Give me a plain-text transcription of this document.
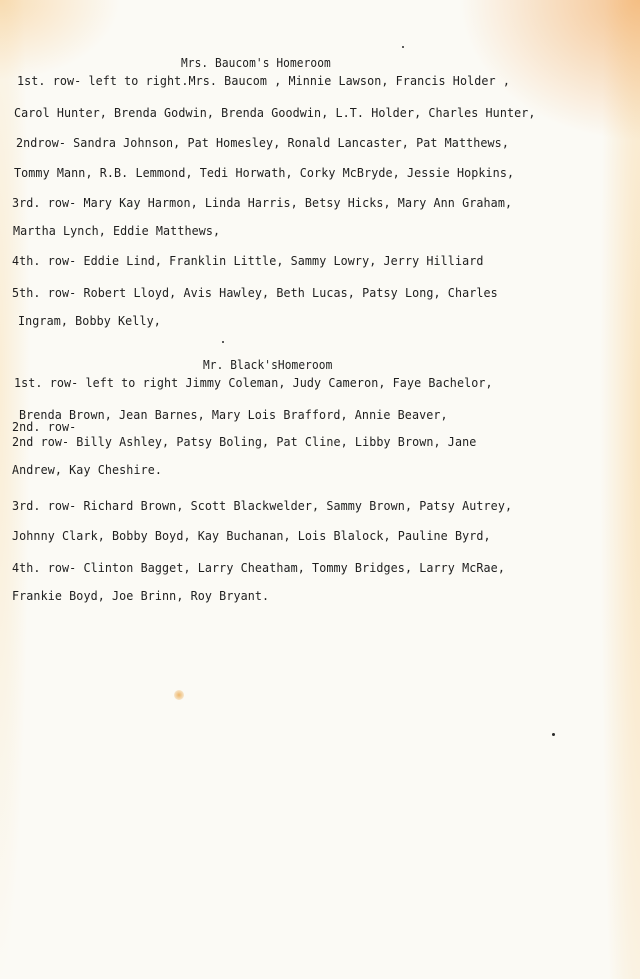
Mrs. Baucom's Homeroom

1st. row- left to right.Mrs. Baucom , Minnie Lawson, Francis Holder ,

Carol Hunter, Brenda Godwin, Brenda Goodwin, L.T. Holder, Charles Hunter,

2ndrow- Sandra Johnson, Pat Homesley, Ronald Lancaster, Pat Matthews,

Tommy Mann, R.B. Lemmond, Tedi Horwath, Corky McBryde, Jessie Hopkins,

3rd. row- Mary Kay Harmon, Linda Harris, Betsy Hicks, Mary Ann Graham,

Martha Lynch, Eddie Matthews,

4th. row- Eddie Lind, Franklin Little, Sammy Lowry, Jerry Hilliard

5th. row- Robert Lloyd, Avis Hawley, Beth Lucas, Patsy Long, Charles

Ingram, Bobby Kelly,

Mr. Black'sHomeroom

1st. row- left to right Jimmy Coleman, Judy Cameron, Faye Bachelor,

Brenda Brown, Jean Barnes, Mary Lois Brafford, Annie Beaver,

2nd. row-

2nd row- Billy Ashley, Patsy Boling, Pat Cline, Libby Brown, Jane

Andrew, Kay Cheshire.

3rd. row- Richard Brown, Scott Blackwelder, Sammy Brown, Patsy Autrey,

Johnny Clark, Bobby Boyd, Kay Buchanan, Lois Blalock, Pauline Byrd,

4th. row- Clinton Bagget, Larry Cheatham, Tommy Bridges, Larry McRae,

Frankie Boyd, Joe Brinn, Roy Bryant.
